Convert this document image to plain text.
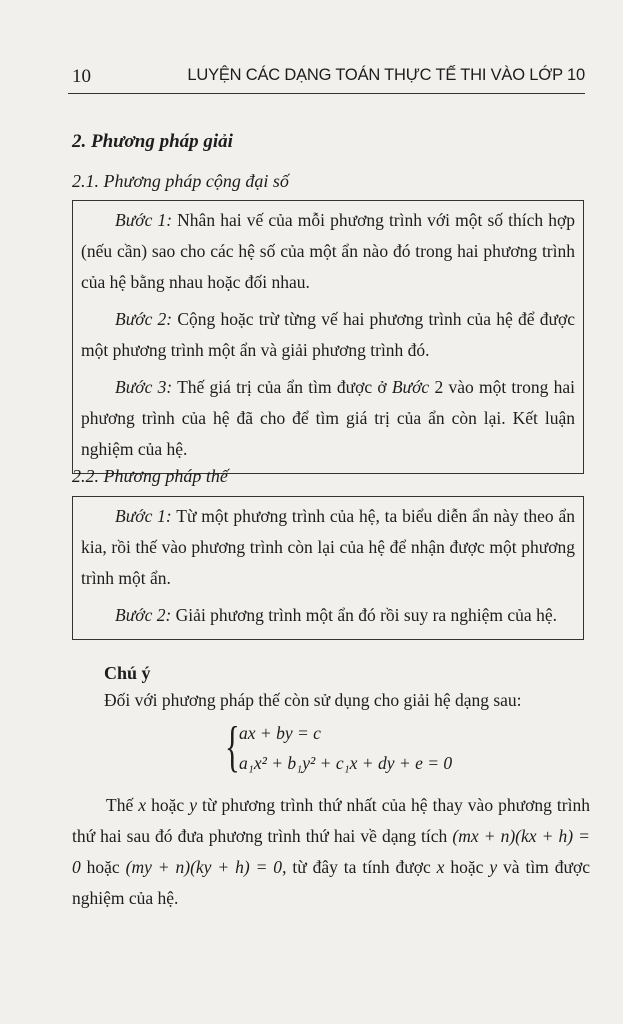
10	LUYỆN CÁC DẠNG TOÁN THỰC TẾ THI VÀO LỚP 10
2. Phương pháp giải
2.1. Phương pháp cộng đại số

Bước 1: Nhân hai vế của mỗi phương trình với một số thích hợp (nếu cần) sao cho các hệ số của một ẩn nào đó trong hai phương trình của hệ bằng nhau hoặc đối nhau.

Bước 2: Cộng hoặc trừ từng vế hai phương trình của hệ để được một phương trình một ẩn và giải phương trình đó.

Bước 3: Thế giá trị của ẩn tìm được ở Bước 2 vào một trong hai phương trình của hệ đã cho để tìm giá trị của ẩn còn lại. Kết luận nghiệm của hệ.

2.2. Phương pháp thế

Bước 1: Từ một phương trình của hệ, ta biểu diễn ẩn này theo ẩn kia, rồi thế vào phương trình còn lại của hệ để nhận được một phương trình một ẩn.

Bước 2: Giải phương trình một ẩn đó rồi suy ra nghiệm của hệ.

Chú ý
Đối với phương pháp thế còn sử dụng cho giải hệ dạng sau:
{ ax + by = c
a₁x² + b₁y² + c₁x + dy + e = 0

Thế x hoặc y từ phương trình thứ nhất của hệ thay vào phương trình thứ hai sau đó đưa phương trình thứ hai về dạng tích (mx + n)(kx + h) = 0 hoặc (my + n)(ky + h) = 0, từ đây ta tính được x hoặc y và tìm được nghiệm của hệ.
